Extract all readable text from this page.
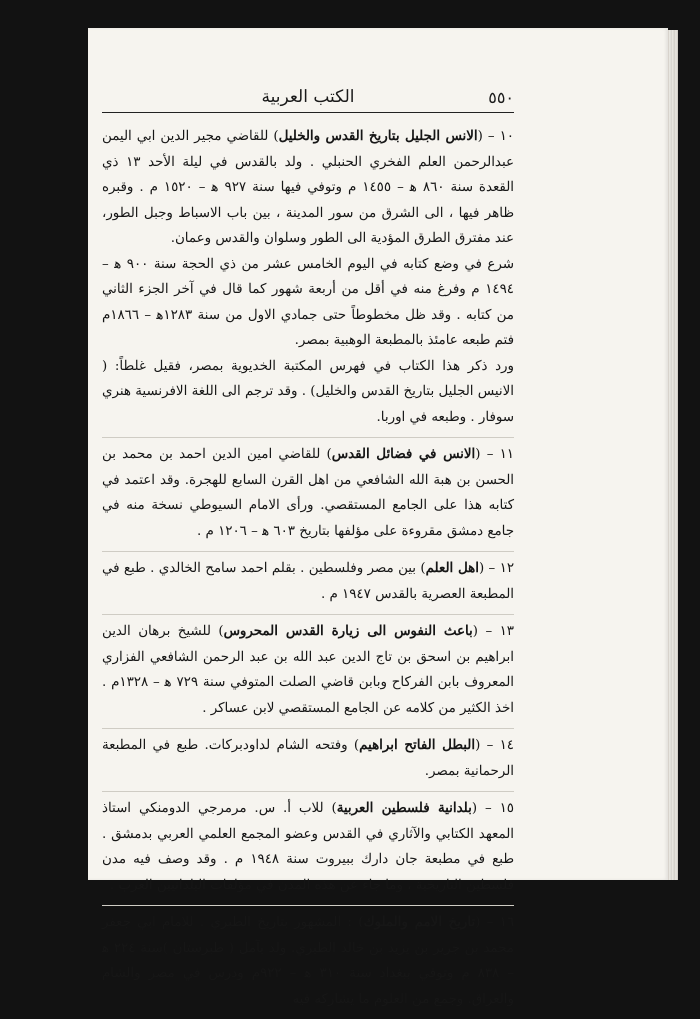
٥٥٠
الكتب العربية

١٠ – (الانس الجليل بتاريخ القدس والخليل) للقاضي مجير الدين ابي اليمن عبدالرحمن العلم الفخري الحنبلي . ولد بالقدس في ليلة الأحد ١٣ ذي القعدة سنة ٨٦٠ ﻫ – ١٤٥٥ م وتوفي فيها سنة ٩٢٧ ﻫ – ١٥٢٠ م . وقبره ظاهر فيها ، الى الشرق من سور المدينة ، بين باب الاسباط وجبل الطور، عند مفترق الطرق المؤدية الى الطور وسلوان والقدس وعمان.

شرع في وضع كتابه في اليوم الخامس عشر من ذي الحجة سنة ٩٠٠ ﻫ – ١٤٩٤ م وفرغ منه في أقل من أربعة شهور كما قال في آخر الجزء الثاني من كتابه . وقد ظل مخطوطاً حتى جمادي الاول من سنة ١٢٨٣ﻫ – ١٨٦٦م فتم طبعه عامئذ بالمطبعة الوهبية بمصر.

ورد ذكر هذا الكتاب في فهرس المكتبة الخديوية بمصر، فقيل غلطاً: ( الانيس الجليل بتاريخ القدس والخليل) . وقد ترجم الى اللغة الافرنسية هنري سوفار . وطبعه في اوربا.

١١ – (الانس في فضائل القدس) للقاضي امين الدين احمد بن محمد بن الحسن بن هبة الله الشافعي من اهل القرن السابع للهجرة. وقد اعتمد في كتابه هذا على الجامع المستقصي. ورأى الامام السيوطي نسخة منه في جامع دمشق مقروءة على مؤلفها بتاريخ ٦٠٣ ﻫ – ١٢٠٦ م .

١٢ – (اهل العلم) بين مصر وفلسطين . بقلم احمد سامح الخالدي . طبع في المطبعة العصرية بالقدس ١٩٤٧ م .

١٣ – (باعث النفوس الى زيارة القدس المحروس) للشيخ برهان الدين ابراهيم بن اسحق بن تاج الدين عبد الله بن عبد الرحمن الشافعي الفزاري المعروف بابن الفركاح وبابن قاضي الصلت المتوفي سنة ٧٢٩ ﻫ – ١٣٢٨م . اخذ الكثير من كلامه عن الجامع المستقصي لابن عساكر .

١٤ – (البطل الفاتح ابراهيم) وفتحه الشام لداودبركات. طبع في المطبعة الرحمانية بمصر.

١٥ – (بلدانية فلسطين العربية) للاب أ. س. مرمرجي الدومنكي استاذ المعهد الكتابي والآثاري في القدس وعضو المجمع العلمي العربي بدمشق . طبع في مطبعة جان دارك ببيروت سنة ١٩٤٨ م . وقد وصف فيه مدن فلسطين التاريخية ، وما جاء عن هذه المدن في مؤلفات البلدانيين العرب .

١٦ – (تاريخ الامم والملوك) : المشهور بتاريخ الطبري . للامام ابي جعفر محمد بن جرير بن يزيد بن خالد الطبري. ولد بآمل ( طبرستان )سنة ٢٢٤ ﻫ – ٨٣٨ م وتوفي ببغداد سنة ٣١٠ ﻫ – ٩٢٢م ودرس في مصر والشام والعراق. وجمع من العلوم ما يشاركه فيه
